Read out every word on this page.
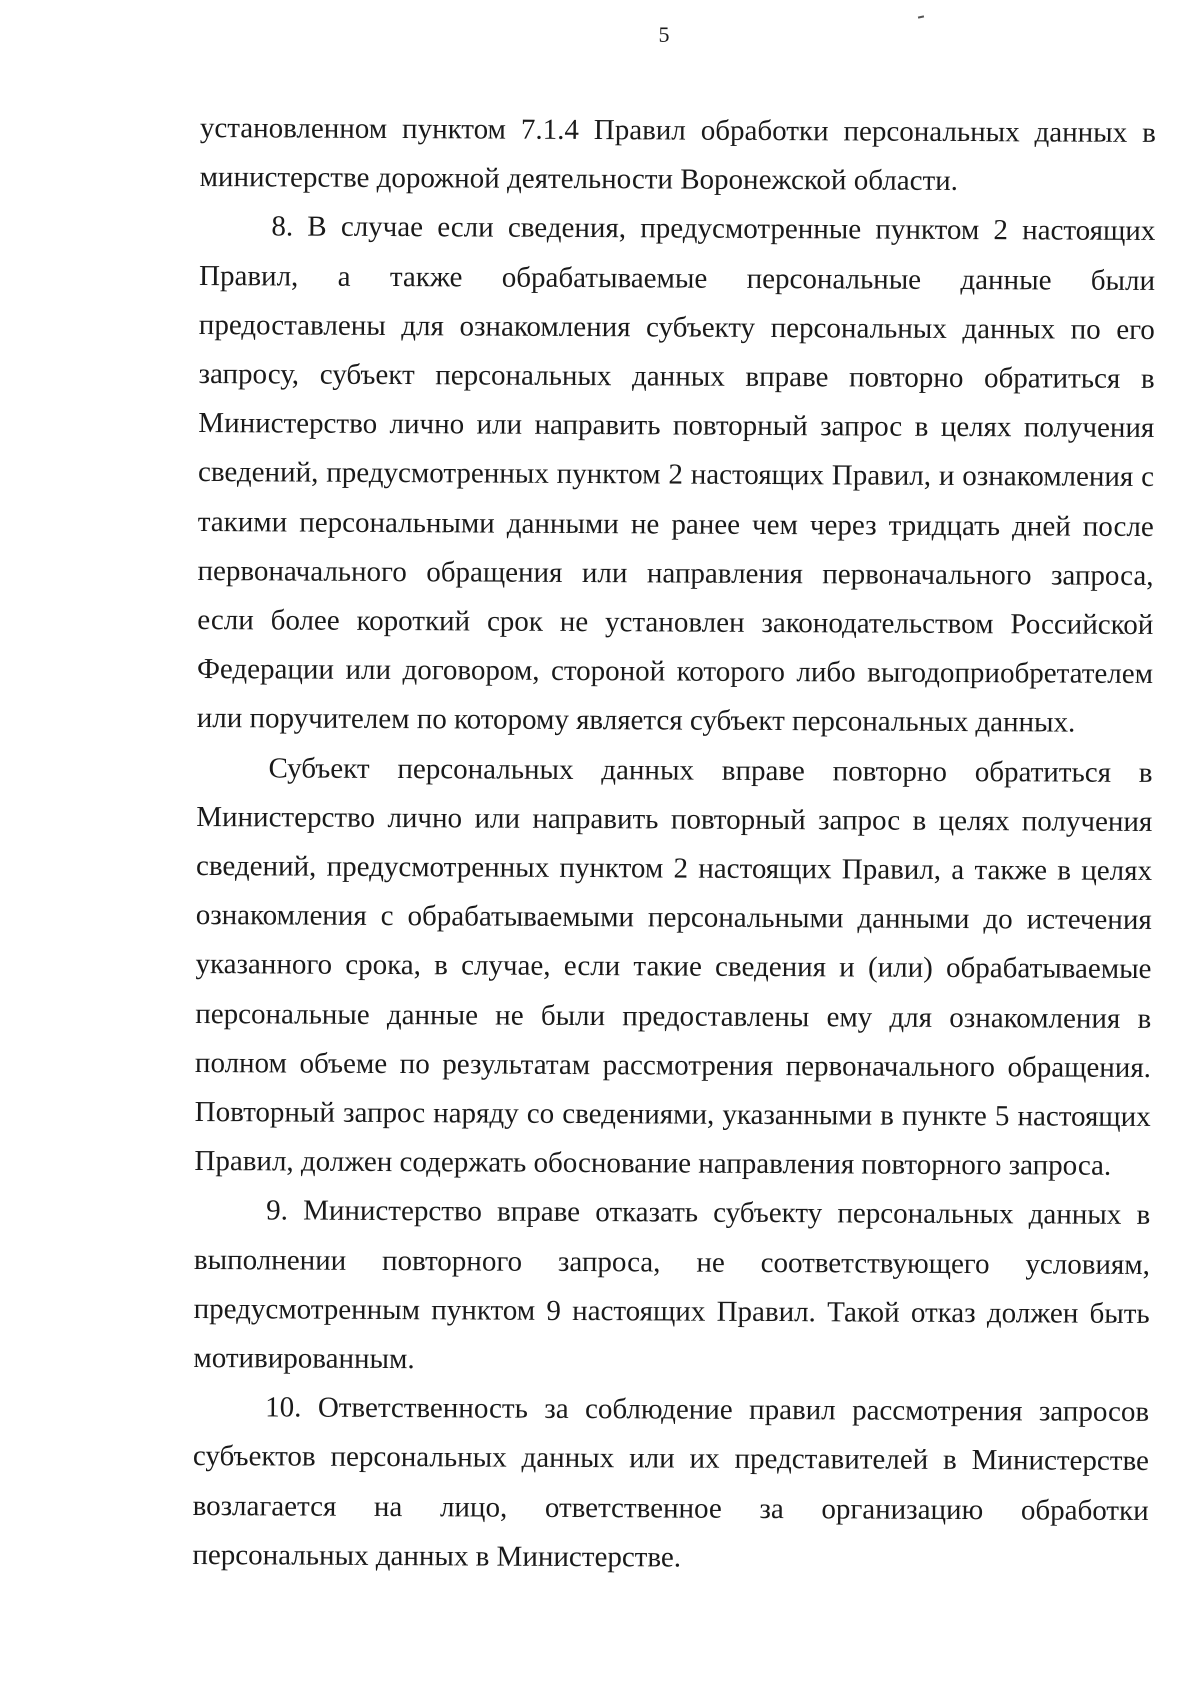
5

установленном пунктом 7.1.4 Правил обработки персональных данных в министерстве дорожной деятельности Воронежской области.

8. В случае если сведения, предусмотренные пунктом 2 настоящих Правил, а также обрабатываемые персональные данные были предоставлены для ознакомления субъекту персональных данных по его запросу, субъект персональных данных вправе повторно обратиться в Министерство лично или направить повторный запрос в целях получения сведений, предусмотренных пунктом 2 настоящих Правил, и ознакомления с такими персональными данными не ранее чем через тридцать дней после первоначального обращения или направления первоначального запроса, если более короткий срок не установлен законодательством Российской Федерации или договором, стороной которого либо выгодоприобретателем или поручителем по которому является субъект персональных данных.

Субъект персональных данных вправе повторно обратиться в Министерство лично или направить повторный запрос в целях получения сведений, предусмотренных пунктом 2 настоящих Правил, а также в целях ознакомления с обрабатываемыми персональными данными до истечения указанного срока, в случае, если такие сведения и (или) обрабатываемые персональные данные не были предоставлены ему для ознакомления в полном объеме по результатам рассмотрения первоначального обращения. Повторный запрос наряду со сведениями, указанными в пункте 5 настоящих Правил, должен содержать обоснование направления повторного запроса.

9. Министерство вправе отказать субъекту персональных данных в выполнении повторного запроса, не соответствующего условиям, предусмотренным пунктом 9 настоящих Правил. Такой отказ должен быть мотивированным.

10. Ответственность за соблюдение правил рассмотрения запросов субъектов персональных данных или их представителей в Министерстве возлагается на лицо, ответственное за организацию обработки персональных данных в Министерстве.
